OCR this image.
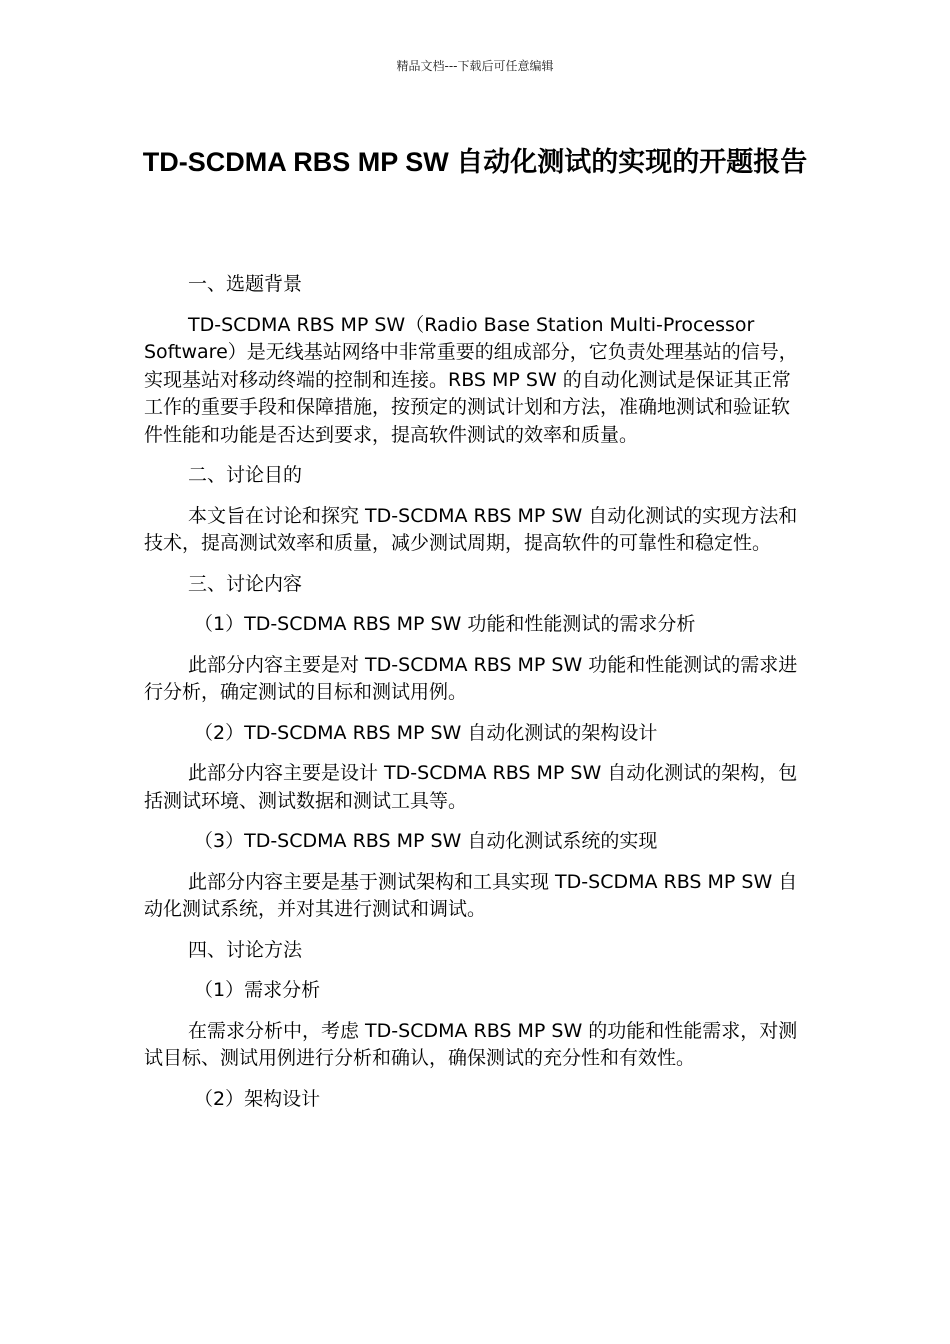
精品文档---下载后可任意编辑
TD-SCDMA RBS MP SW 自动化测试的实现的开题报告

一、选题背景

TD-SCDMA RBS MP SW（Radio Base Station Multi-Processor Software）是无线基站网络中非常重要的组成部分，它负责处理基站的信号，实现基站对移动终端的控制和连接。RBS MP SW 的自动化测试是保证其正常工作的重要手段和保障措施，按预定的测试计划和方法，准确地测试和验证软件性能和功能是否达到要求，提高软件测试的效率和质量。

二、讨论目的

本文旨在讨论和探究 TD-SCDMA RBS MP SW 自动化测试的实现方法和技术，提高测试效率和质量，减少测试周期，提高软件的可靠性和稳定性。

三、讨论内容

（1）TD-SCDMA RBS MP SW 功能和性能测试的需求分析

此部分内容主要是对 TD-SCDMA RBS MP SW 功能和性能测试的需求进行分析，确定测试的目标和测试用例。

（2）TD-SCDMA RBS MP SW 自动化测试的架构设计

此部分内容主要是设计 TD-SCDMA RBS MP SW 自动化测试的架构，包括测试环境、测试数据和测试工具等。

（3）TD-SCDMA RBS MP SW 自动化测试系统的实现

此部分内容主要是基于测试架构和工具实现 TD-SCDMA RBS MP SW 自动化测试系统，并对其进行测试和调试。

四、讨论方法

（1）需求分析

在需求分析中，考虑 TD-SCDMA RBS MP SW 的功能和性能需求，对测试目标、测试用例进行分析和确认，确保测试的充分性和有效性。

（2）架构设计
